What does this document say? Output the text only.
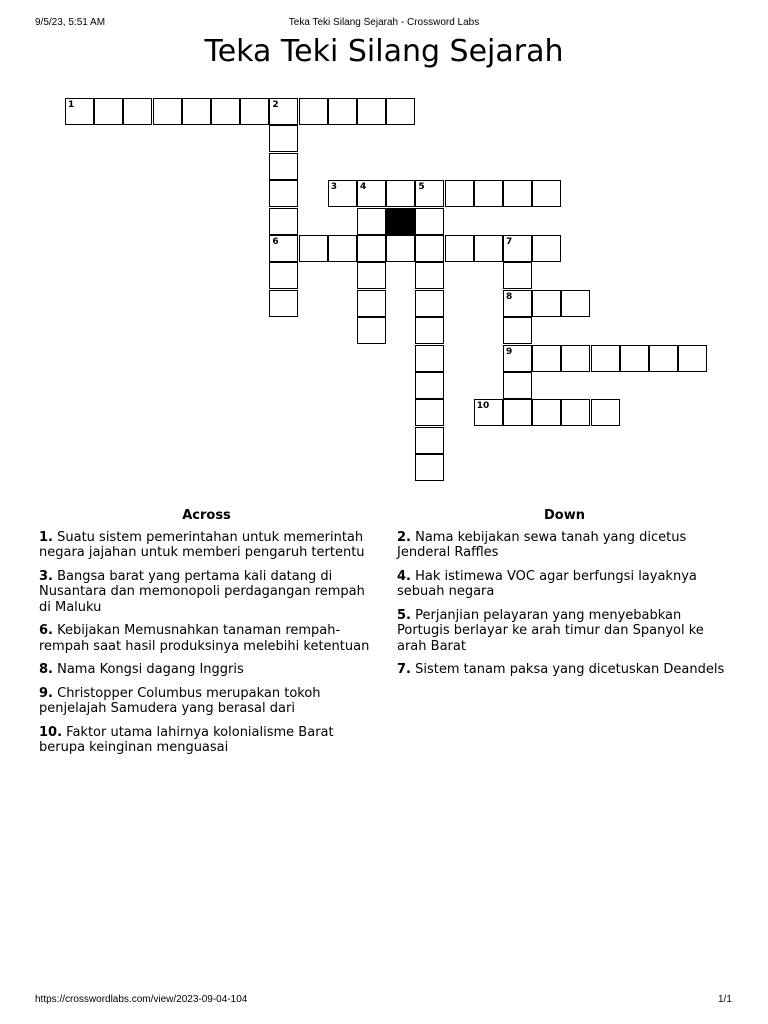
9/5/23, 5:51 AM	Teka Teki Silang Sejarah - Crossword Labs
Teka Teki Silang Sejarah
1	2
6
3	4	5
7
8
9
10
Across
1. Suatu sistem pemerintahan untuk memerintah negara jajahan untuk memberi pengaruh tertentu
3. Bangsa barat yang pertama kali datang di Nusantara dan memonopoli perdagangan rempah di Maluku
6. Kebijakan Memusnahkan tanaman rempah-rempah saat hasil produksinya melebihi ketentuan
8. Nama Kongsi dagang Inggris
9. Christopper Columbus merupakan tokoh penjelajah Samudera yang berasal dari
10. Faktor utama lahirnya kolonialisme Barat berupa keinginan menguasai
Down
2. Nama kebijakan sewa tanah yang dicetus Jenderal Raffles
4. Hak istimewa VOC agar berfungsi layaknya sebuah negara
5. Perjanjian pelayaran yang menyebabkan Portugis berlayar ke arah timur dan Spanyol ke arah Barat
7. Sistem tanam paksa yang dicetuskan Deandels
https://crosswordlabs.com/view/2023-09-04-104	1/1
